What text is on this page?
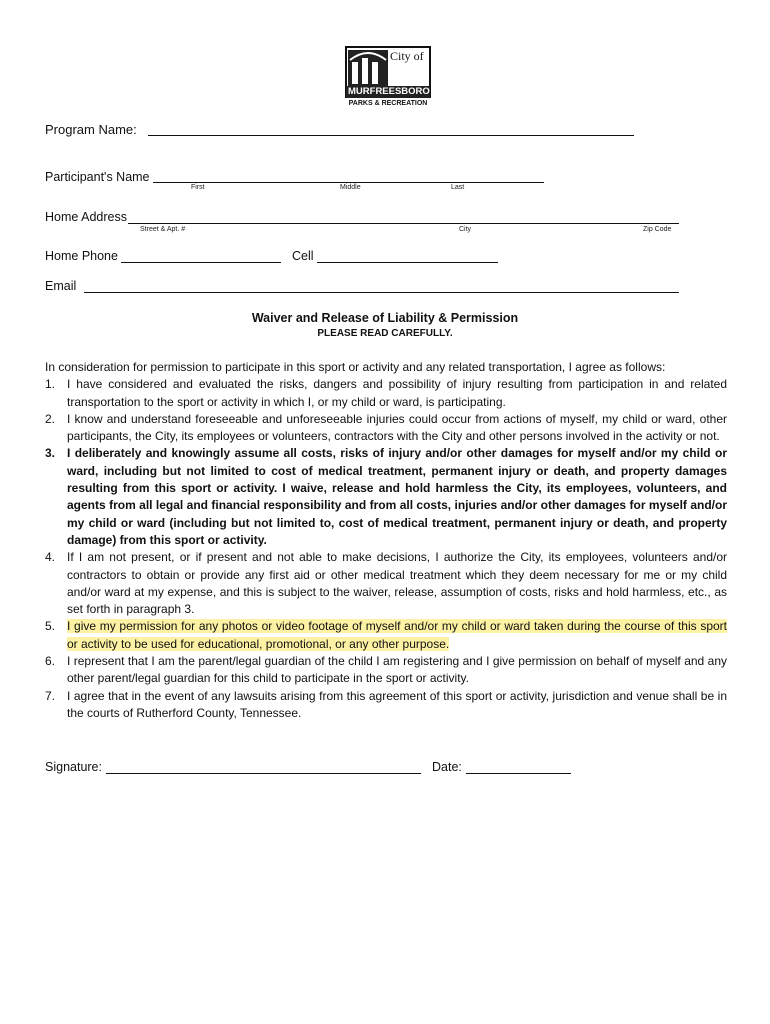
City of
MURFREESBORO
PARKS & RECREATION
Program Name:
Participant's Name
First	Middle	Last
Home Address
Street & Apt. #	City	Zip Code
Home Phone	Cell
Email
Waiver and Release of Liability & Permission
PLEASE READ CAREFULLY.
In consideration for permission to participate in this sport or activity and any related transportation, I agree as follows:
1. I have considered and evaluated the risks, dangers and possibility of injury resulting from participation in and related transportation to the sport or activity in which I, or my child or ward, is participating.
2. I know and understand foreseeable and unforeseeable injuries could occur from actions of myself, my child or ward, other participants, the City, its employees or volunteers, contractors with the City and other persons involved in the activity or not.
3. I deliberately and knowingly assume all costs, risks of injury and/or other damages for myself and/or my child or ward, including but not limited to cost of medical treatment, permanent injury or death, and property damages resulting from this sport or activity. I waive, release and hold harmless the City, its employees, volunteers, and agents from all legal and financial responsibility and from all costs, injuries and/or other damages for myself and/or my child or ward (including but not limited to, cost of medical treatment, permanent injury or death, and property damage) from this sport or activity.
4. If I am not present, or if present and not able to make decisions, I authorize the City, its employees, volunteers and/or contractors to obtain or provide any first aid or other medical treatment which they deem necessary for me or my child and/or ward at my expense, and this is subject to the waiver, release, assumption of costs, risks and hold harmless, etc., as set forth in paragraph 3.
5. I give my permission for any photos or video footage of myself and/or my child or ward taken during the course of this sport or activity to be used for educational, promotional, or any other purpose.
6. I represent that I am the parent/legal guardian of the child I am registering and I give permission on behalf of myself and any other parent/legal guardian for this child to participate in the sport or activity.
7. I agree that in the event of any lawsuits arising from this agreement of this sport or activity, jurisdiction and venue shall be in the courts of Rutherford County, Tennessee.
Signature:	Date:
